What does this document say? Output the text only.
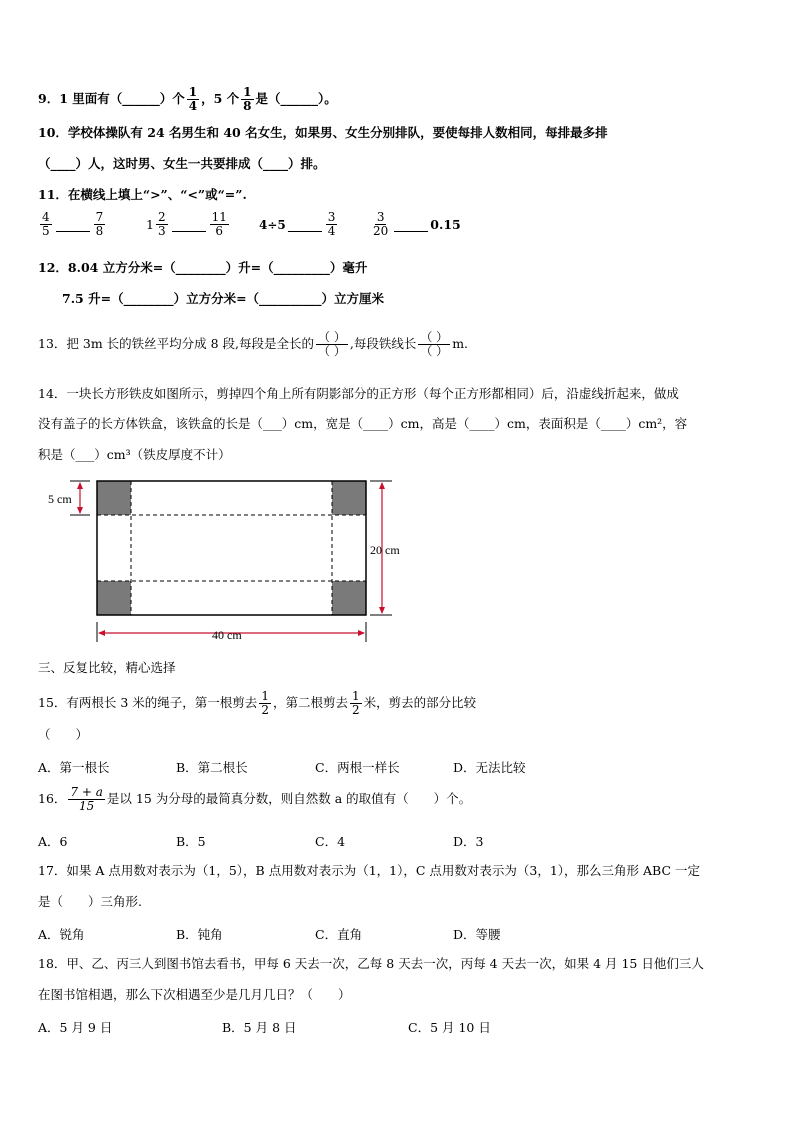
9．1 里面有（______）个 $\frac{1}{4}$ ，5 个 $\frac{1}{8}$ 是（______）。
10．学校体操队有 24 名男生和 40 名女生，如果男、女生分别排队，要使每排人数相同，每排最多排
（____）人，这时男、女生一共要排成（____）排。
11．在横线上填上“>”、“<”或“=”.
$\frac{4}{5}$	$\frac{7}{8}$	$1 \frac{2}{3}$	$\frac{11}{6}$	4÷5	$\frac{3}{4}$	$\frac{3}{20}$	0.15
12．8.04 立方分米=（________）升=（_________）毫升
7.5 升=（________）立方分米=（__________）立方厘米
13．把 3m 长的铁丝平均分成 8 段,每段是全长的 $\frac{( )}{( )}$ ,每段铁线长 $\frac{( )}{( )} m$.
14．一块长方形铁皮如图所示，剪掉四个角上所有阴影部分的正方形（每个正方形都相同）后，沿虚线折起来，做成
没有盖子的长方体铁盒，该铁盒的长是（___）cm，宽是（____）cm，高是（____）cm，表面积是（____）cm²，容
积是（___）cm³（铁皮厚度不计）
5 cm
20 cm
40 cm
三、反复比较，精心选择
15．有两根长 3 米的绳子，第一根剪去 $\frac{1}{2}$ ，第二根剪去 $\frac{1}{2}$ 米，剪去的部分比较
（　　）
A．第一根长	B．第二根长	C．两根一样长	D．无法比较
16． $\frac{7 + a}{15}$ 是以 15 为分母的最简真分数，则自然数 a 的取值有（　　）个。
A．6	B．5	C．4	D．3
17．如果 A 点用数对表示为（1，5），B 点用数对表示为（1，1），C 点用数对表示为（3，1），那么三角形 ABC 一定
是（　　）三角形.
A．锐角	B．钝角	C．直角	D．等腰
18．甲、乙、丙三人到图书馆去看书，甲每 6 天去一次，乙每 8 天去一次，丙每 4 天去一次，如果 4 月 15 日他们三人
在图书馆相遇，那么下次相遇至少是几月几日？（　　）
A．5 月 9 日	B．5 月 8 日	C．5 月 10 日
